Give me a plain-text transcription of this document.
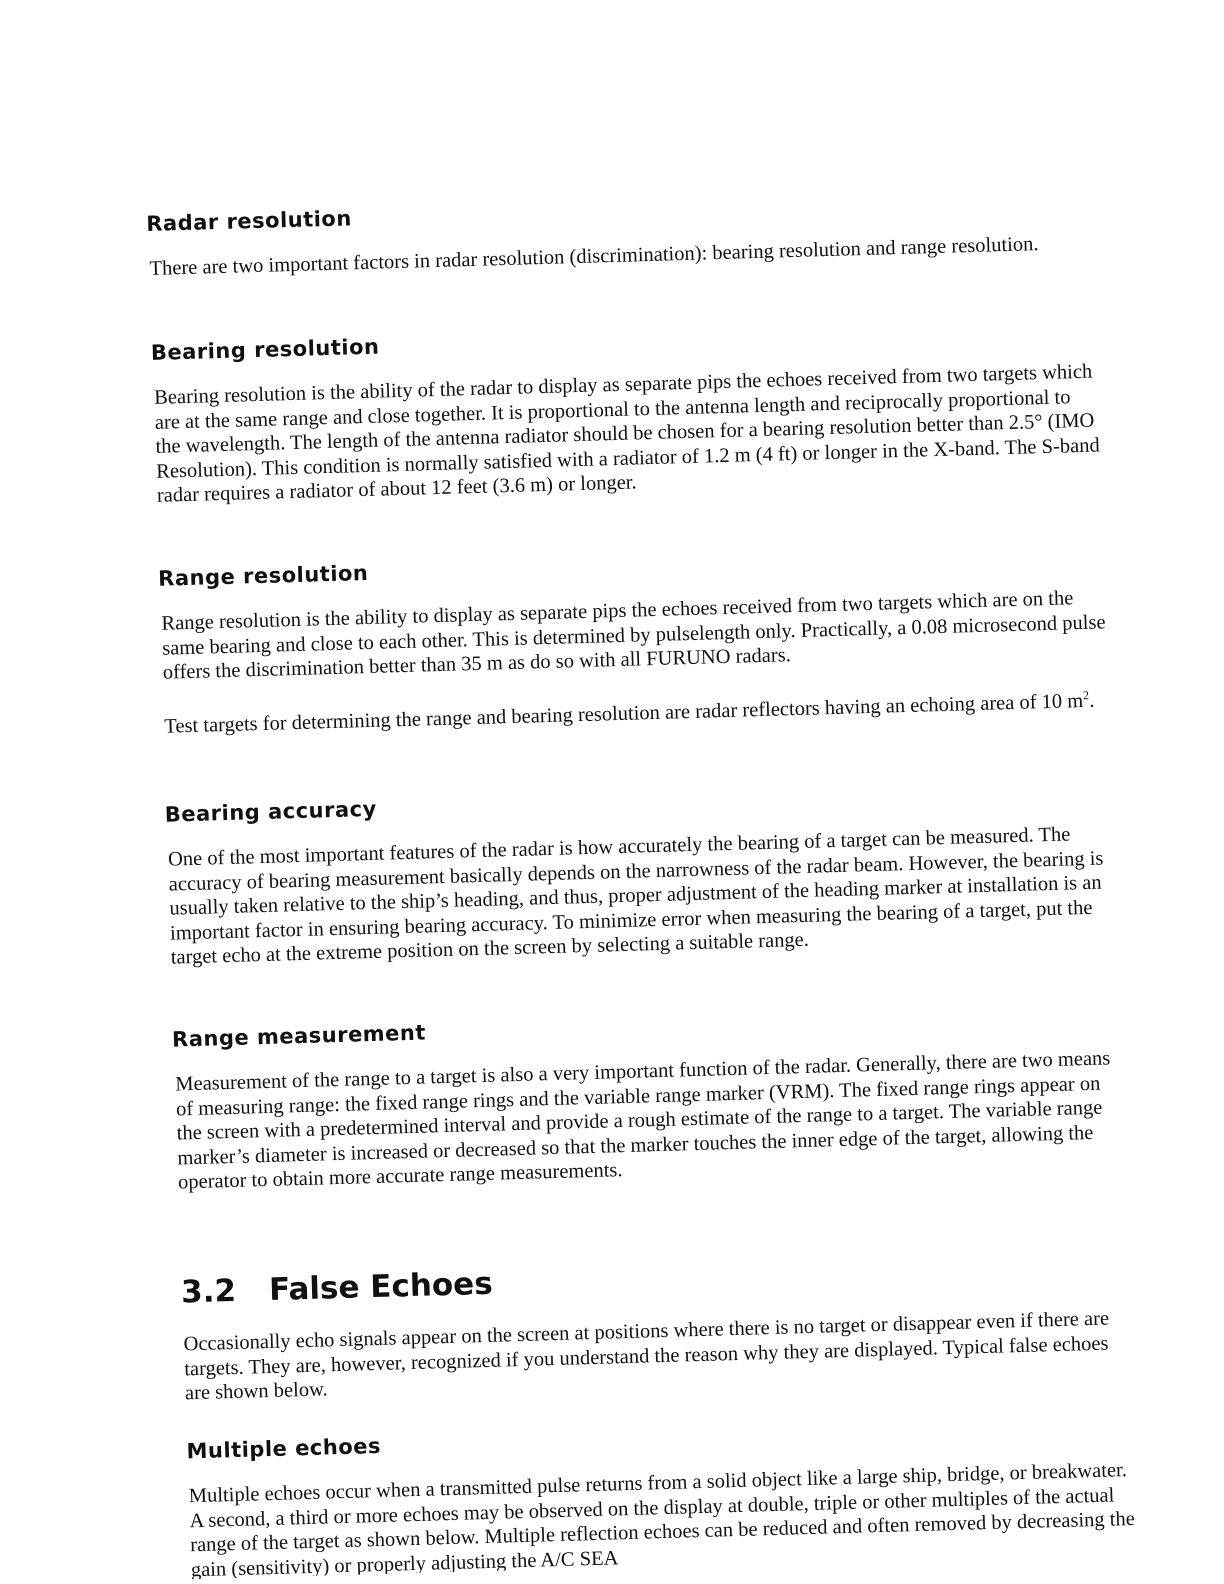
Radar resolution

There are two important factors in radar resolution (discrimination): bearing resolution and range resolution.

Bearing resolution

Bearing resolution is the ability of the radar to display as separate pips the echoes received from two targets which are at the same range and close together. It is proportional to the antenna length and reciprocally proportional to the wavelength. The length of the antenna radiator should be chosen for a bearing resolution better than 2.5° (IMO Resolution). This condition is normally satisfied with a radiator of 1.2 m (4 ft) or longer in the X-band. The S-band radar requires a radiator of about 12 feet (3.6 m) or longer.

Range resolution

Range resolution is the ability to display as separate pips the echoes received from two targets which are on the same bearing and close to each other. This is determined by pulselength only. Practically, a 0.08 microsecond pulse offers the discrimination better than 35 m as do so with all FURUNO radars.

Test targets for determining the range and bearing resolution are radar reflectors having an echoing area of 10 $m^2$.

Bearing accuracy

One of the most important features of the radar is how accurately the bearing of a target can be measured. The accuracy of bearing measurement basically depends on the narrowness of the radar beam. However, the bearing is usually taken relative to the ship’s heading, and thus, proper adjustment of the heading marker at installation is an important factor in ensuring bearing accuracy. To minimize error when measuring the bearing of a target, put the target echo at the extreme position on the screen by selecting a suitable range.

Range measurement

Measurement of the range to a target is also a very important function of the radar. Generally, there are two means of measuring range: the fixed range rings and the variable range marker (VRM). The fixed range rings appear on the screen with a predetermined interval and provide a rough estimate of the range to a target. The variable range marker’s diameter is increased or decreased so that the marker touches the inner edge of the target, allowing the operator to obtain more accurate range measurements.

3.2 False Echoes

Occasionally echo signals appear on the screen at positions where there is no target or disappear even if there are targets. They are, however, recognized if you understand the reason why they are displayed. Typical false echoes are shown below.

Multiple echoes

Multiple echoes occur when a transmitted pulse returns from a solid object like a large ship, bridge, or breakwater. A second, a third or more echoes may be observed on the display at double, triple or other multiples of the actual range of the target as shown below. Multiple reflection echoes can be reduced and often removed by decreasing the gain (sensitivity) or properly adjusting the A/C SEA
